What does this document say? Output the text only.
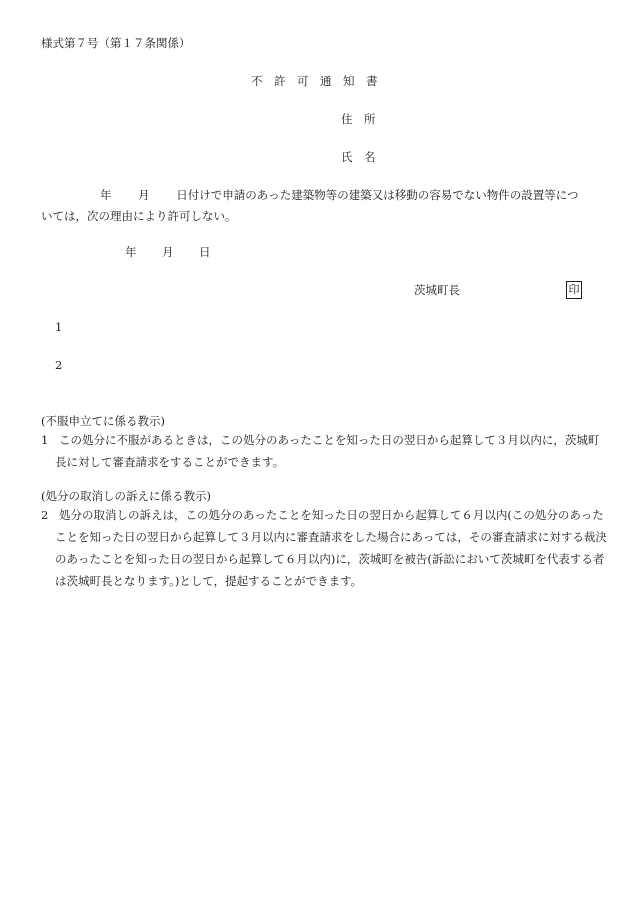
様式第７号（第１７条関係）
不　許　可　通　知　書
住　所
氏　名
年　　 月　　 日付けで申請のあった建築物等の建築又は移動の容易でない物件の設置等につ
いては，次の理由により許可しない。
年 月 日
茨城町長	印
1
2
(不服申立てに係る教示)
1 この処分に不服があるときは，この処分のあったことを知った日の翌日から起算して３月以内に，茨城町長に対して審査請求をすることができます。
(処分の取消しの訴えに係る教示)
2 処分の取消しの訴えは，この処分のあったことを知った日の翌日から起算して６月以内(この処分のあったことを知った日の翌日から起算して３月以内に審査請求をした場合にあっては，その審査請求に対する裁決のあったことを知った日の翌日から起算して６月以内)に，茨城町を被告(訴訟において茨城町を代表する者は茨城町長となります。)として，提起することができます。
